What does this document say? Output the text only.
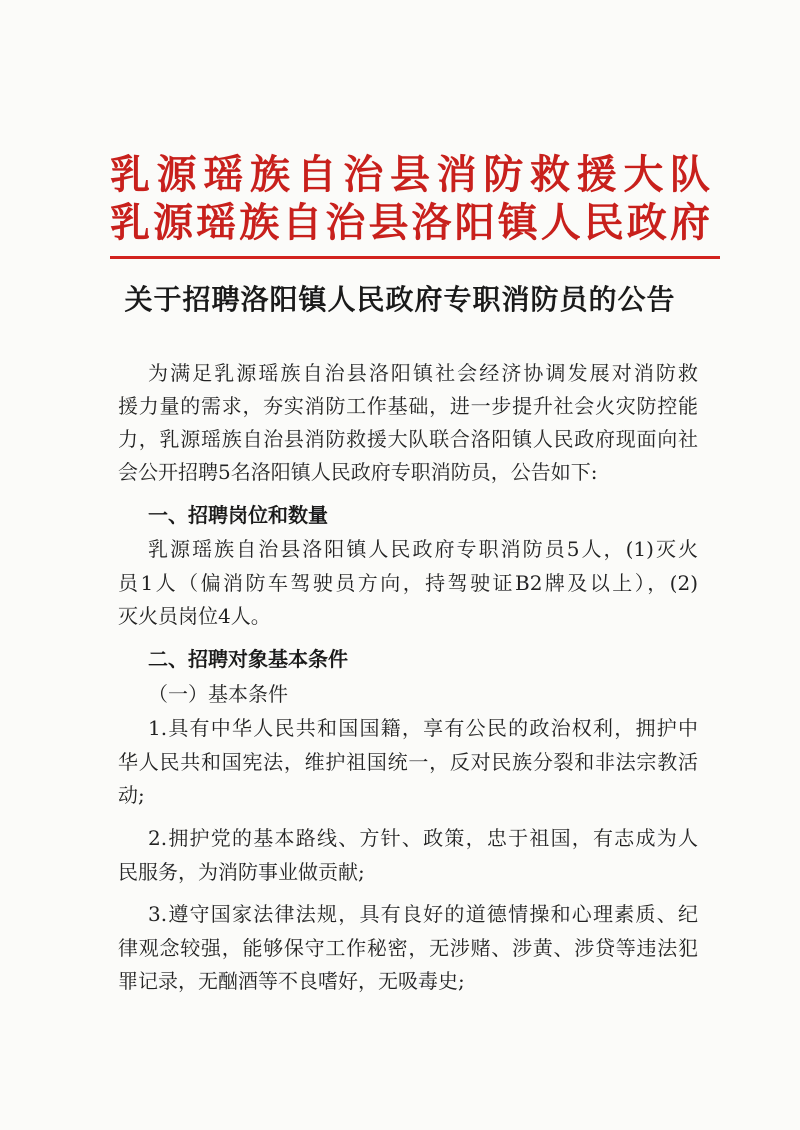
乳源瑶族自治县消防救援大队
乳源瑶族自治县洛阳镇人民政府
关于招聘洛阳镇人民政府专职消防员的公告
为满足乳源瑶族自治县洛阳镇社会经济协调发展对消防救
援力量的需求，夯实消防工作基础，进一步提升社会火灾防控能
力，乳源瑶族自治县消防救援大队联合洛阳镇人民政府现面向社
会公开招聘5名洛阳镇人民政府专职消防员，公告如下:
一、招聘岗位和数量
乳源瑶族自治县洛阳镇人民政府专职消防员5人，(1)灭火
员1人（偏消防车驾驶员方向，持驾驶证B2牌及以上），(2)
灭火员岗位4人。
二、招聘对象基本条件
（一）基本条件
1.具有中华人民共和国国籍，享有公民的政治权利，拥护中
华人民共和国宪法，维护祖国统一，反对民族分裂和非法宗教活
动;
2.拥护党的基本路线、方针、政策，忠于祖国，有志成为人
民服务，为消防事业做贡献;
3.遵守国家法律法规，具有良好的道德情操和心理素质、纪
律观念较强，能够保守工作秘密，无涉赌、涉黄、涉贷等违法犯
罪记录，无酗酒等不良嗜好，无吸毒史;
